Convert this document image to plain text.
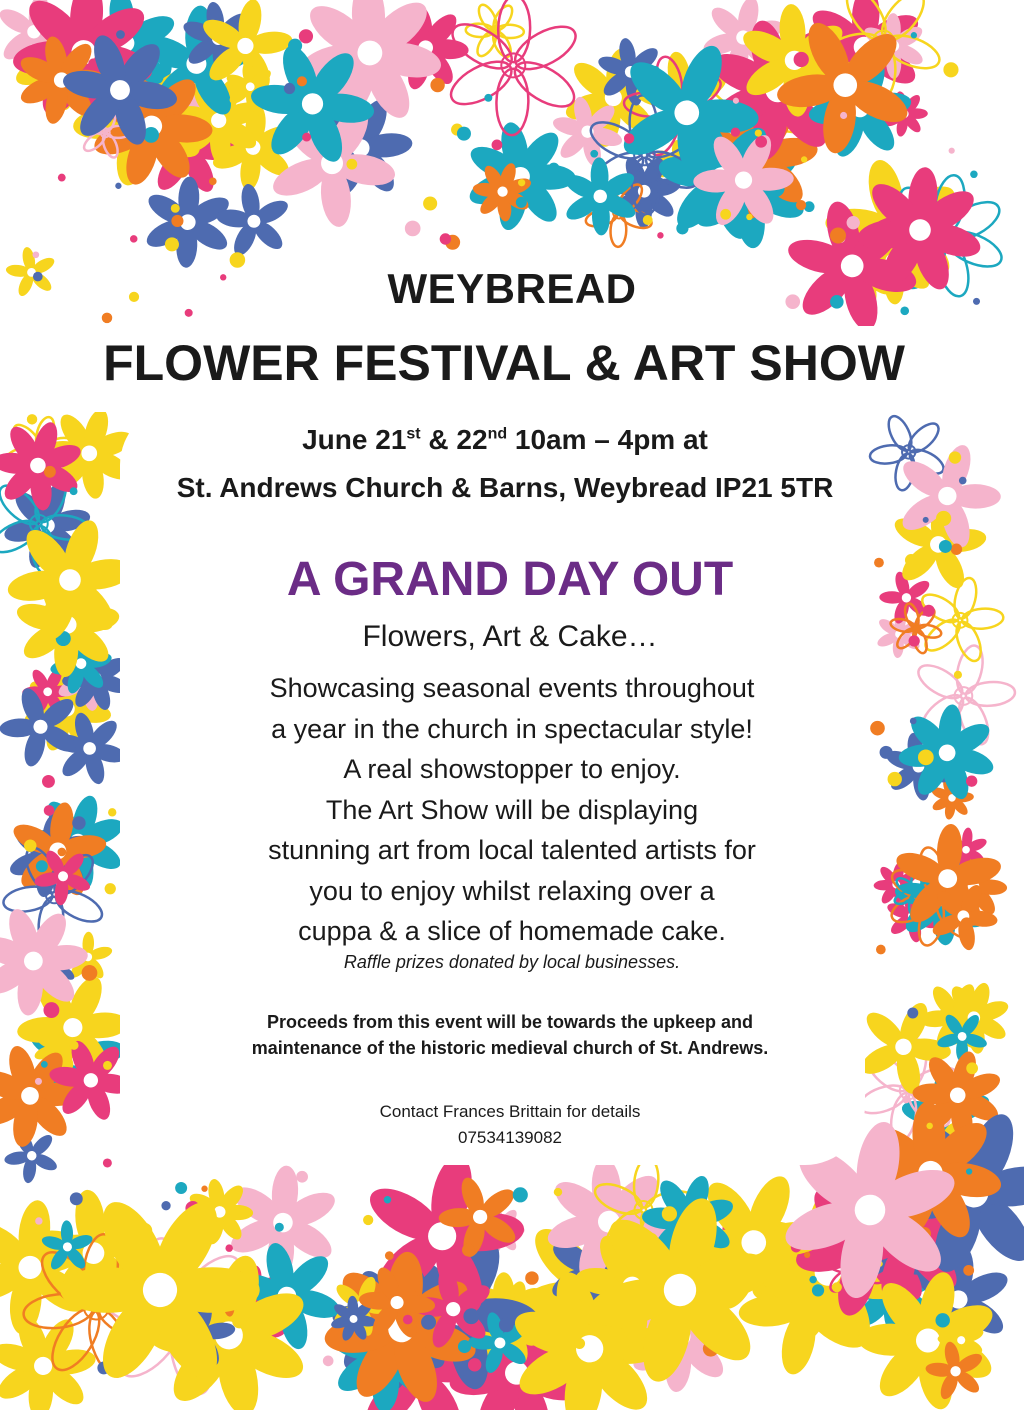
WEYBREAD
FLOWER FESTIVAL & ART SHOW
June 21st & 22nd 10am – 4pm at
St. Andrews Church & Barns, Weybread IP21 5TR
A GRAND DAY OUT
Flowers, Art & Cake…
Showcasing seasonal events throughout
a year in the church in spectacular style!
A real showstopper to enjoy.
The Art Show will be displaying
stunning art from local talented artists for
you to enjoy whilst relaxing over a
cuppa & a slice of homemade cake.
Raffle prizes donated by local businesses.
Proceeds from this event will be towards the upkeep and
maintenance of the historic medieval church of St. Andrews.
Contact Frances Brittain for details
07534139082
